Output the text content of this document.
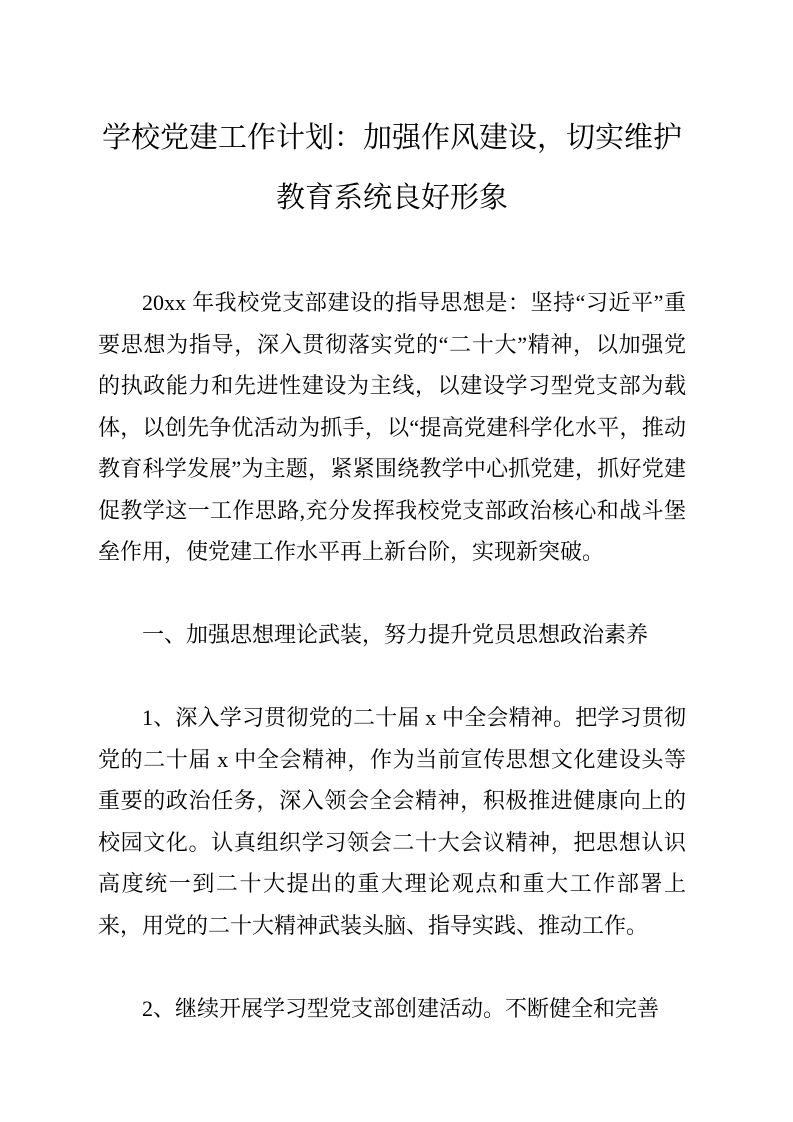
学校党建工作计划：加强作风建设，切实维护教育系统良好形象

20xx 年我校党支部建设的指导思想是：坚持“习近平”重要思想为指导，深入贯彻落实党的“二十大”精神，以加强党的执政能力和先进性建设为主线，以建设学习型党支部为载体，以创先争优活动为抓手，以“提高党建科学化水平，推动教育科学发展”为主题，紧紧围绕教学中心抓党建，抓好党建促教学这一工作思路,充分发挥我校党支部政治核心和战斗堡垒作用，使党建工作水平再上新台阶，实现新突破。

一、加强思想理论武装，努力提升党员思想政治素养

1、深入学习贯彻党的二十届 x 中全会精神。把学习贯彻党的二十届 x 中全会精神，作为当前宣传思想文化建设头等重要的政治任务，深入领会全会精神，积极推进健康向上的校园文化。认真组织学习领会二十大会议精神，把思想认识高度统一到二十大提出的重大理论观点和重大工作部署上来，用党的二十大精神武装头脑、指导实践、推动工作。

2、继续开展学习型党支部创建活动。不断健全和完善
